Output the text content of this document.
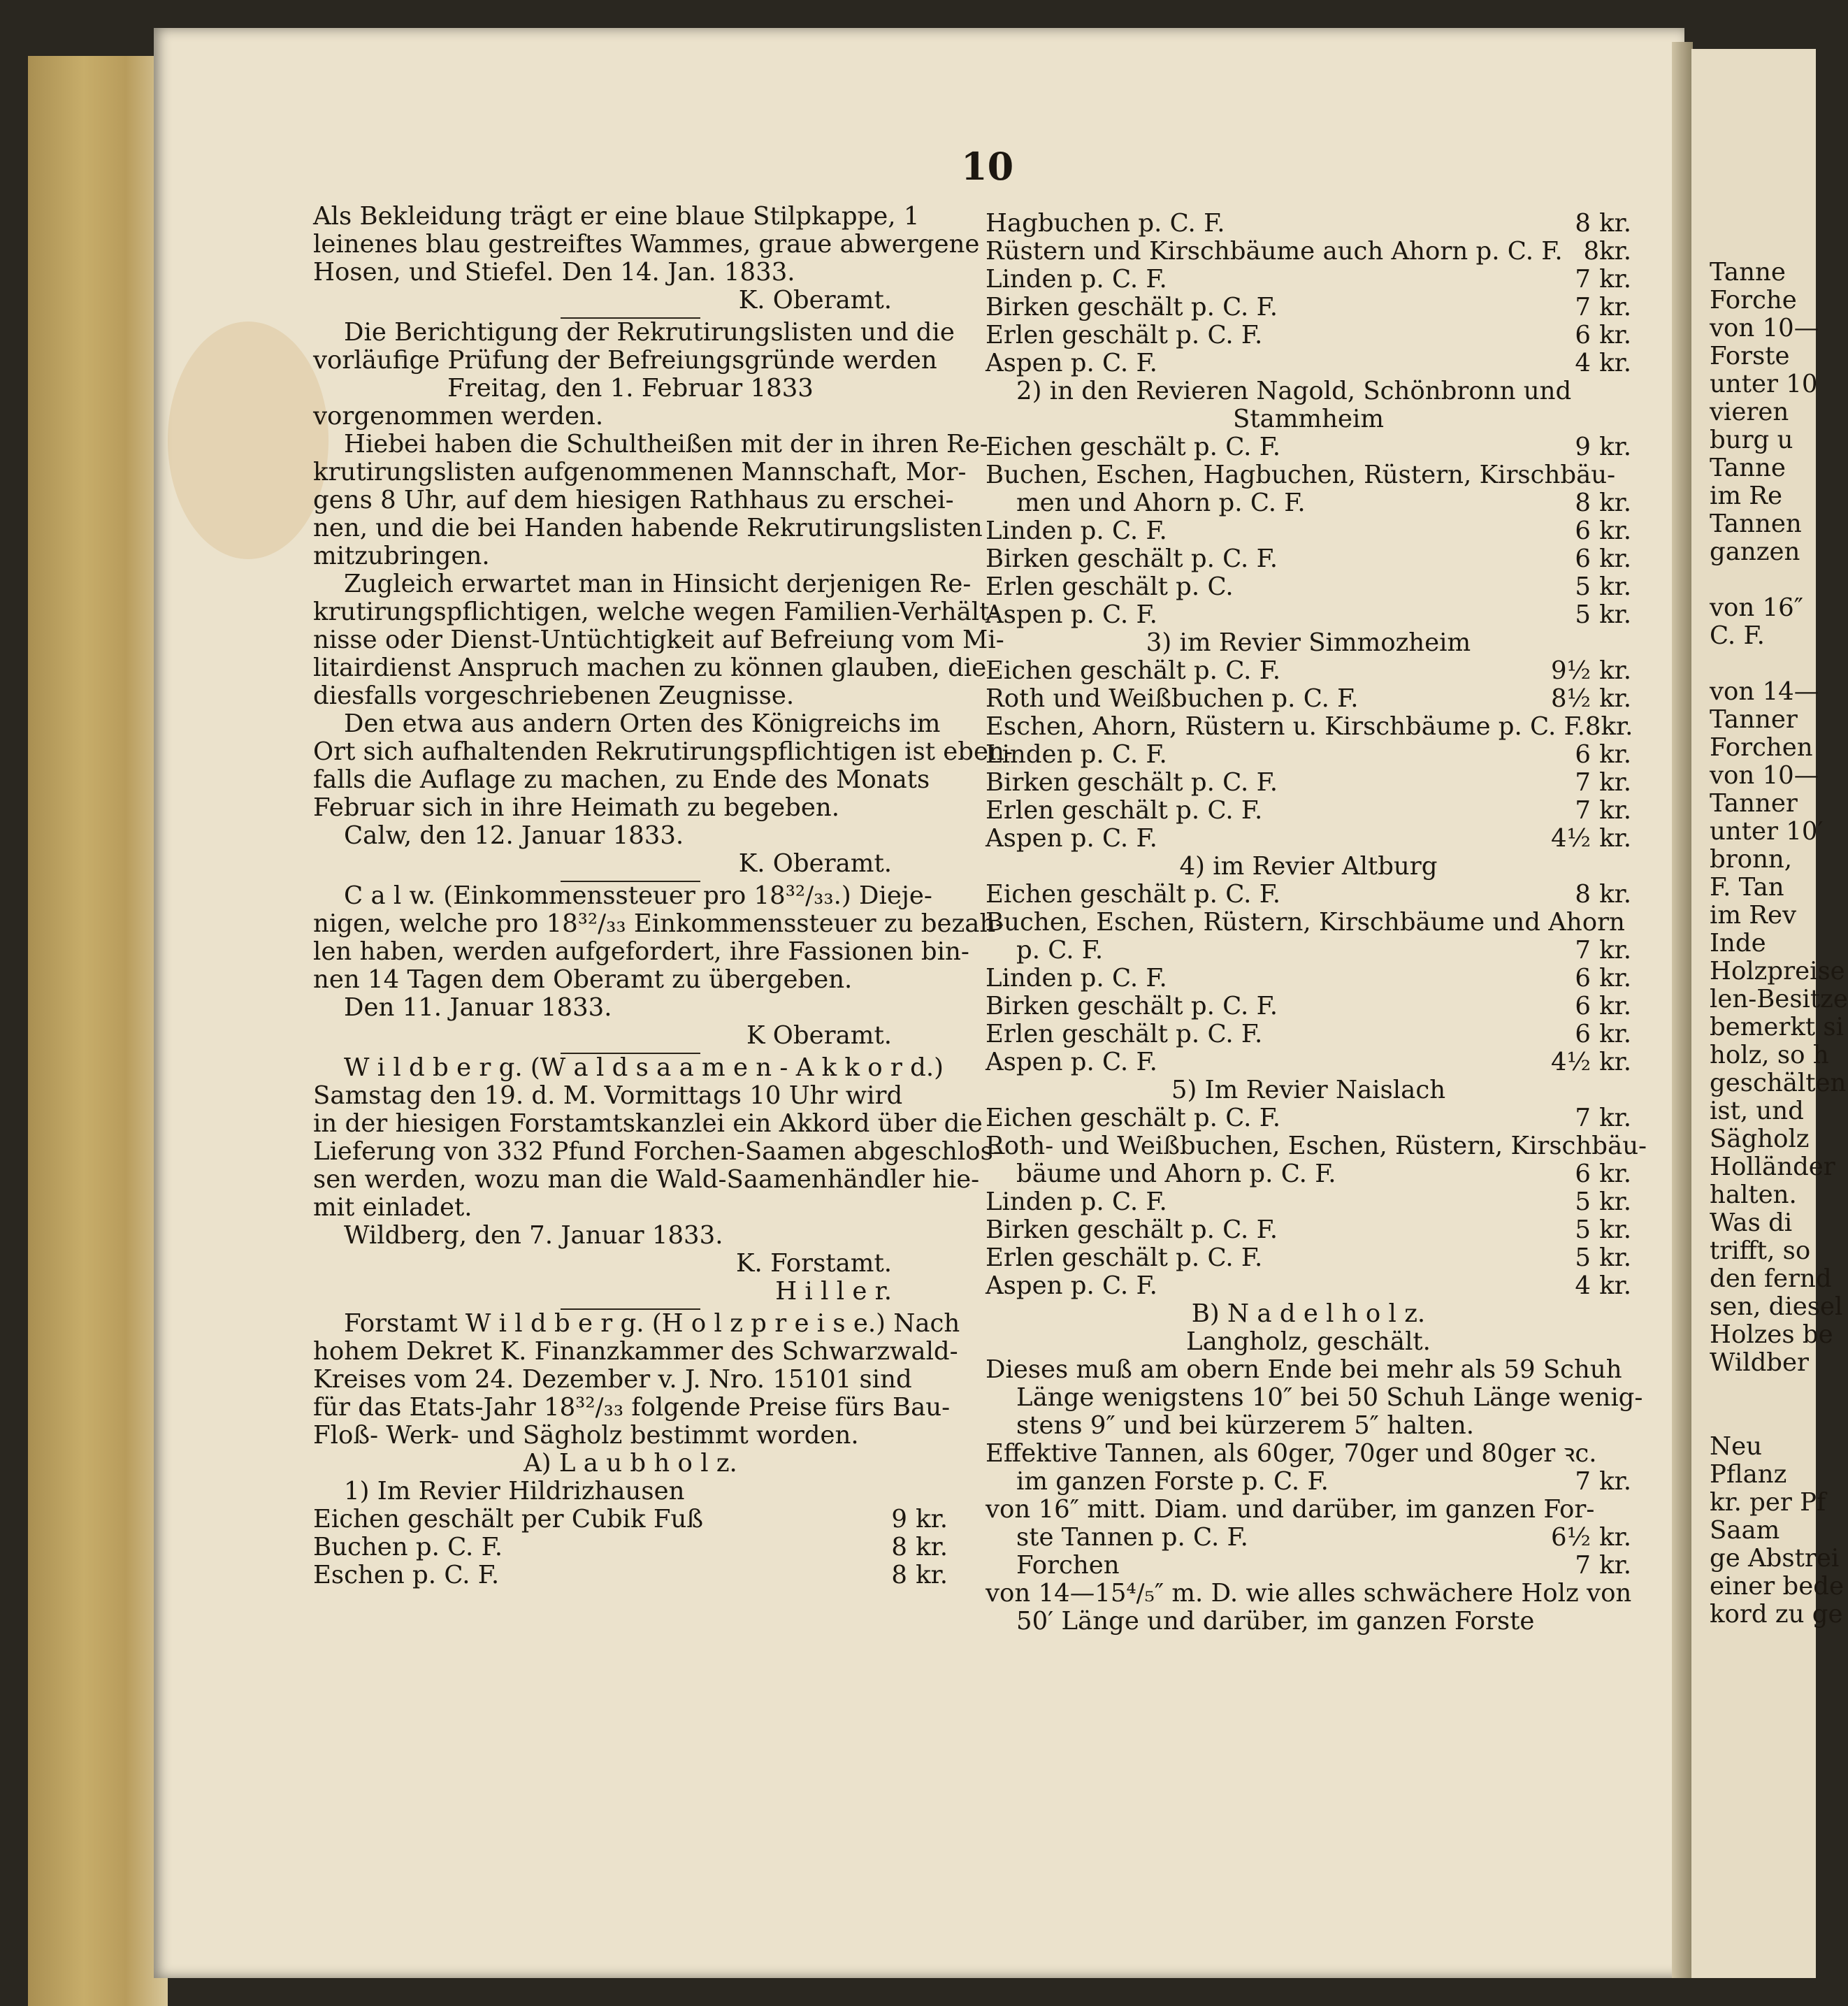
Tanne
Forche
von 10—
Forste
unter 10
vieren
burg u
Tanne
im Re
Tannen
ganzen
von 16″
C. F.
von 14—
Tanner
Forchen
von 10—
Tanner
unter 10′
bronn,
F. Tan
im Rev
Inde
Holzpreise
len-Besitze
bemerkt si
holz, so h
geschälten
ist, und
Sägholz
Holländer
halten.
Was di
trifft, so
den fernd
sen, diesel
Holzes be
Wildber
Neu
Pflanz
kr. per Pf
Saam
ge Abstrei
einer bede
kord zu ge
10
Als Bekleidung trägt er eine blaue Stilpkappe, 1
leinenes blau gestreiftes Wammes, graue abwergene
Hosen, und Stiefel. Den 14. Jan. 1833.
K. Oberamt.
Die Berichtigung der Rekrutirungslisten und die
vorläufige Prüfung der Befreiungsgründe werden
Freitag, den 1. Februar 1833
vorgenommen werden.
Hiebei haben die Schultheißen mit der in ihren Re-
krutirungslisten aufgenommenen Mannschaft, Mor-
gens 8 Uhr, auf dem hiesigen Rathhaus zu erschei-
nen, und die bei Handen habende Rekrutirungslisten
mitzubringen.
Zugleich erwartet man in Hinsicht derjenigen Re-
krutirungspflichtigen, welche wegen Familien-Verhält-
nisse oder Dienst-Untüchtigkeit auf Befreiung vom Mi-
litairdienst Anspruch machen zu können glauben, die
diesfalls vorgeschriebenen Zeugnisse.
Den etwa aus andern Orten des Königreichs im
Ort sich aufhaltenden Rekrutirungspflichtigen ist eben-
falls die Auflage zu machen, zu Ende des Monats
Februar sich in ihre Heimath zu begeben.
Calw, den 12. Januar 1833.
K. Oberamt.
C a l w. (Einkommenssteuer pro 18³²/₃₃.) Dieje-
nigen, welche pro 18³²/₃₃ Einkommenssteuer zu bezah-
len haben, werden aufgefordert, ihre Fassionen bin-
nen 14 Tagen dem Oberamt zu übergeben.
Den 11. Januar 1833.
K Oberamt.
W i l d b e r g. (W a l d s a a m e n - A k k o r d.)
Samstag den 19. d. M. Vormittags 10 Uhr wird
in der hiesigen Forstamtskanzlei ein Akkord über die
Lieferung von 332 Pfund Forchen-Saamen abgeschlos-
sen werden, wozu man die Wald-Saamenhändler hie-
mit einladet.
Wildberg, den 7. Januar 1833.
K. Forstamt.
H i l l e r.
Forstamt W i l d b e r g. (H o l z p r e i s e.) Nach
hohem Dekret K. Finanzkammer des Schwarzwald-
Kreises vom 24. Dezember v. J. Nro. 15101 sind
für das Etats-Jahr 18³²/₃₃ folgende Preise fürs Bau-
Floß- Werk- und Sägholz bestimmt worden.
A) L a u b h o l z.
1) Im Revier Hildrizhausen
Eichen geschält per Cubik Fuß	9 kr.
Buchen p. C. F.	8 kr.
Eschen p. C. F.	8 kr.
Hagbuchen p. C. F.	8 kr.
Rüstern und Kirschbäume auch Ahorn p. C. F. 8 kr.
Linden p. C. F.	7 kr.
Birken geschält p. C. F.	7 kr.
Erlen geschält p. C. F.	6 kr.
Aspen p. C. F.	4 kr.
2) in den Revieren Nagold, Schönbronn und
Stammheim
Eichen geschält p. C. F.	9 kr.
Buchen, Eschen, Hagbuchen, Rüstern, Kirschbäu-
men und Ahorn p. C. F.	8 kr.
Linden p. C. F.	6 kr.
Birken geschält p. C. F.	6 kr.
Erlen geschält p. C.	5 kr.
Aspen p. C. F.	5 kr.
3) im Revier Simmozheim
Eichen geschält p. C. F.	9½ kr.
Roth und Weißbuchen p. C. F.	8½ kr.
Eschen, Ahorn, Rüstern u. Kirschbäume p. C. F. 8 kr.
Linden p. C. F.	6 kr.
Birken geschält p. C. F.	7 kr.
Erlen geschält p. C. F.	7 kr.
Aspen p. C. F.	4½ kr.
4) im Revier Altburg
Eichen geschält p. C. F.	8 kr.
Buchen, Eschen, Rüstern, Kirschbäume und Ahorn
p. C. F.	7 kr.
Linden p. C. F.	6 kr.
Birken geschält p. C. F.	6 kr.
Erlen geschält p. C. F.	6 kr.
Aspen p. C. F.	4½ kr.
5) Im Revier Naislach
Eichen geschält p. C. F.	7 kr.
Roth- und Weißbuchen, Eschen, Rüstern, Kirschbäu-
bäume und Ahorn p. C. F.	6 kr.
Linden p. C. F.	5 kr.
Birken geschält p. C. F.	5 kr.
Erlen geschält p. C. F.	5 kr.
Aspen p. C. F.	4 kr.
B) N a d e l h o l z.
Langholz, geschält.
Dieses muß am obern Ende bei mehr als 59 Schuh
Länge wenigstens 10″ bei 50 Schuh Länge wenig-
stens 9″ und bei kürzerem 5″ halten.
Effektive Tannen, als 60ger, 70ger und 80ger ꝛc.
im ganzen Forste p. C. F.	7 kr.
von 16″ mitt. Diam. und darüber, im ganzen For-
ste Tannen p. C. F.	6½ kr.
Forchen	7 kr.
von 14—15⁴/₅″ m. D. wie alles schwächere Holz von
50′ Länge und darüber, im ganzen Forste
